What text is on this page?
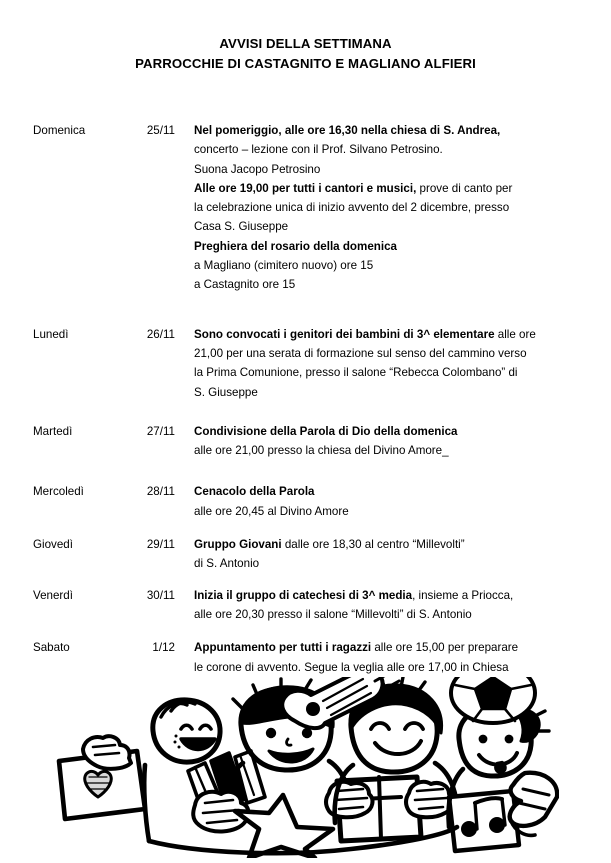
AVVISI DELLA SETTIMANA
PARROCCHIE DI CASTAGNITO E MAGLIANO ALFIERI
Domenica	25/11 Nel pomeriggio, alle ore 16,30 nella chiesa di S. Andrea,
concerto – lezione con il Prof. Silvano Petrosino.
Suona Jacopo Petrosino
Alle ore 19,00 per tutti i cantori e musici, prove di canto per
la celebrazione unica di inizio avvento del 2 dicembre, presso
Casa S. Giuseppe
Preghiera del rosario della domenica
a Magliano (cimitero nuovo) ore 15
a Castagnito ore 15
Lunedì	26/11 Sono convocati i genitori dei bambini di 3^ elementare alle ore
21,00 per una serata di formazione sul senso del cammino verso
la Prima Comunione, presso il salone “Rebecca Colombano” di
S. Giuseppe
Martedì	27/11 Condivisione della Parola di Dio della domenica
alle ore 21,00 presso la chiesa del Divino Amore_
Mercoledì	28/11 Cenacolo della Parola
alle ore 20,45 al Divino Amore
Giovedì	29/11 Gruppo Giovani dalle ore 18,30 al centro “Millevolti”
di S. Antonio
Venerdì	30/11 Inizia il gruppo di catechesi di 3^ media, insieme a Priocca,
alle ore 20,30 presso il salone “Millevolti” di S. Antonio
Sabato	1/12 Appuntamento per tutti i ragazzi alle ore 15,00 per preparare
le corone di avvento. Segue la veglia alle ore 17,00 in Chiesa
